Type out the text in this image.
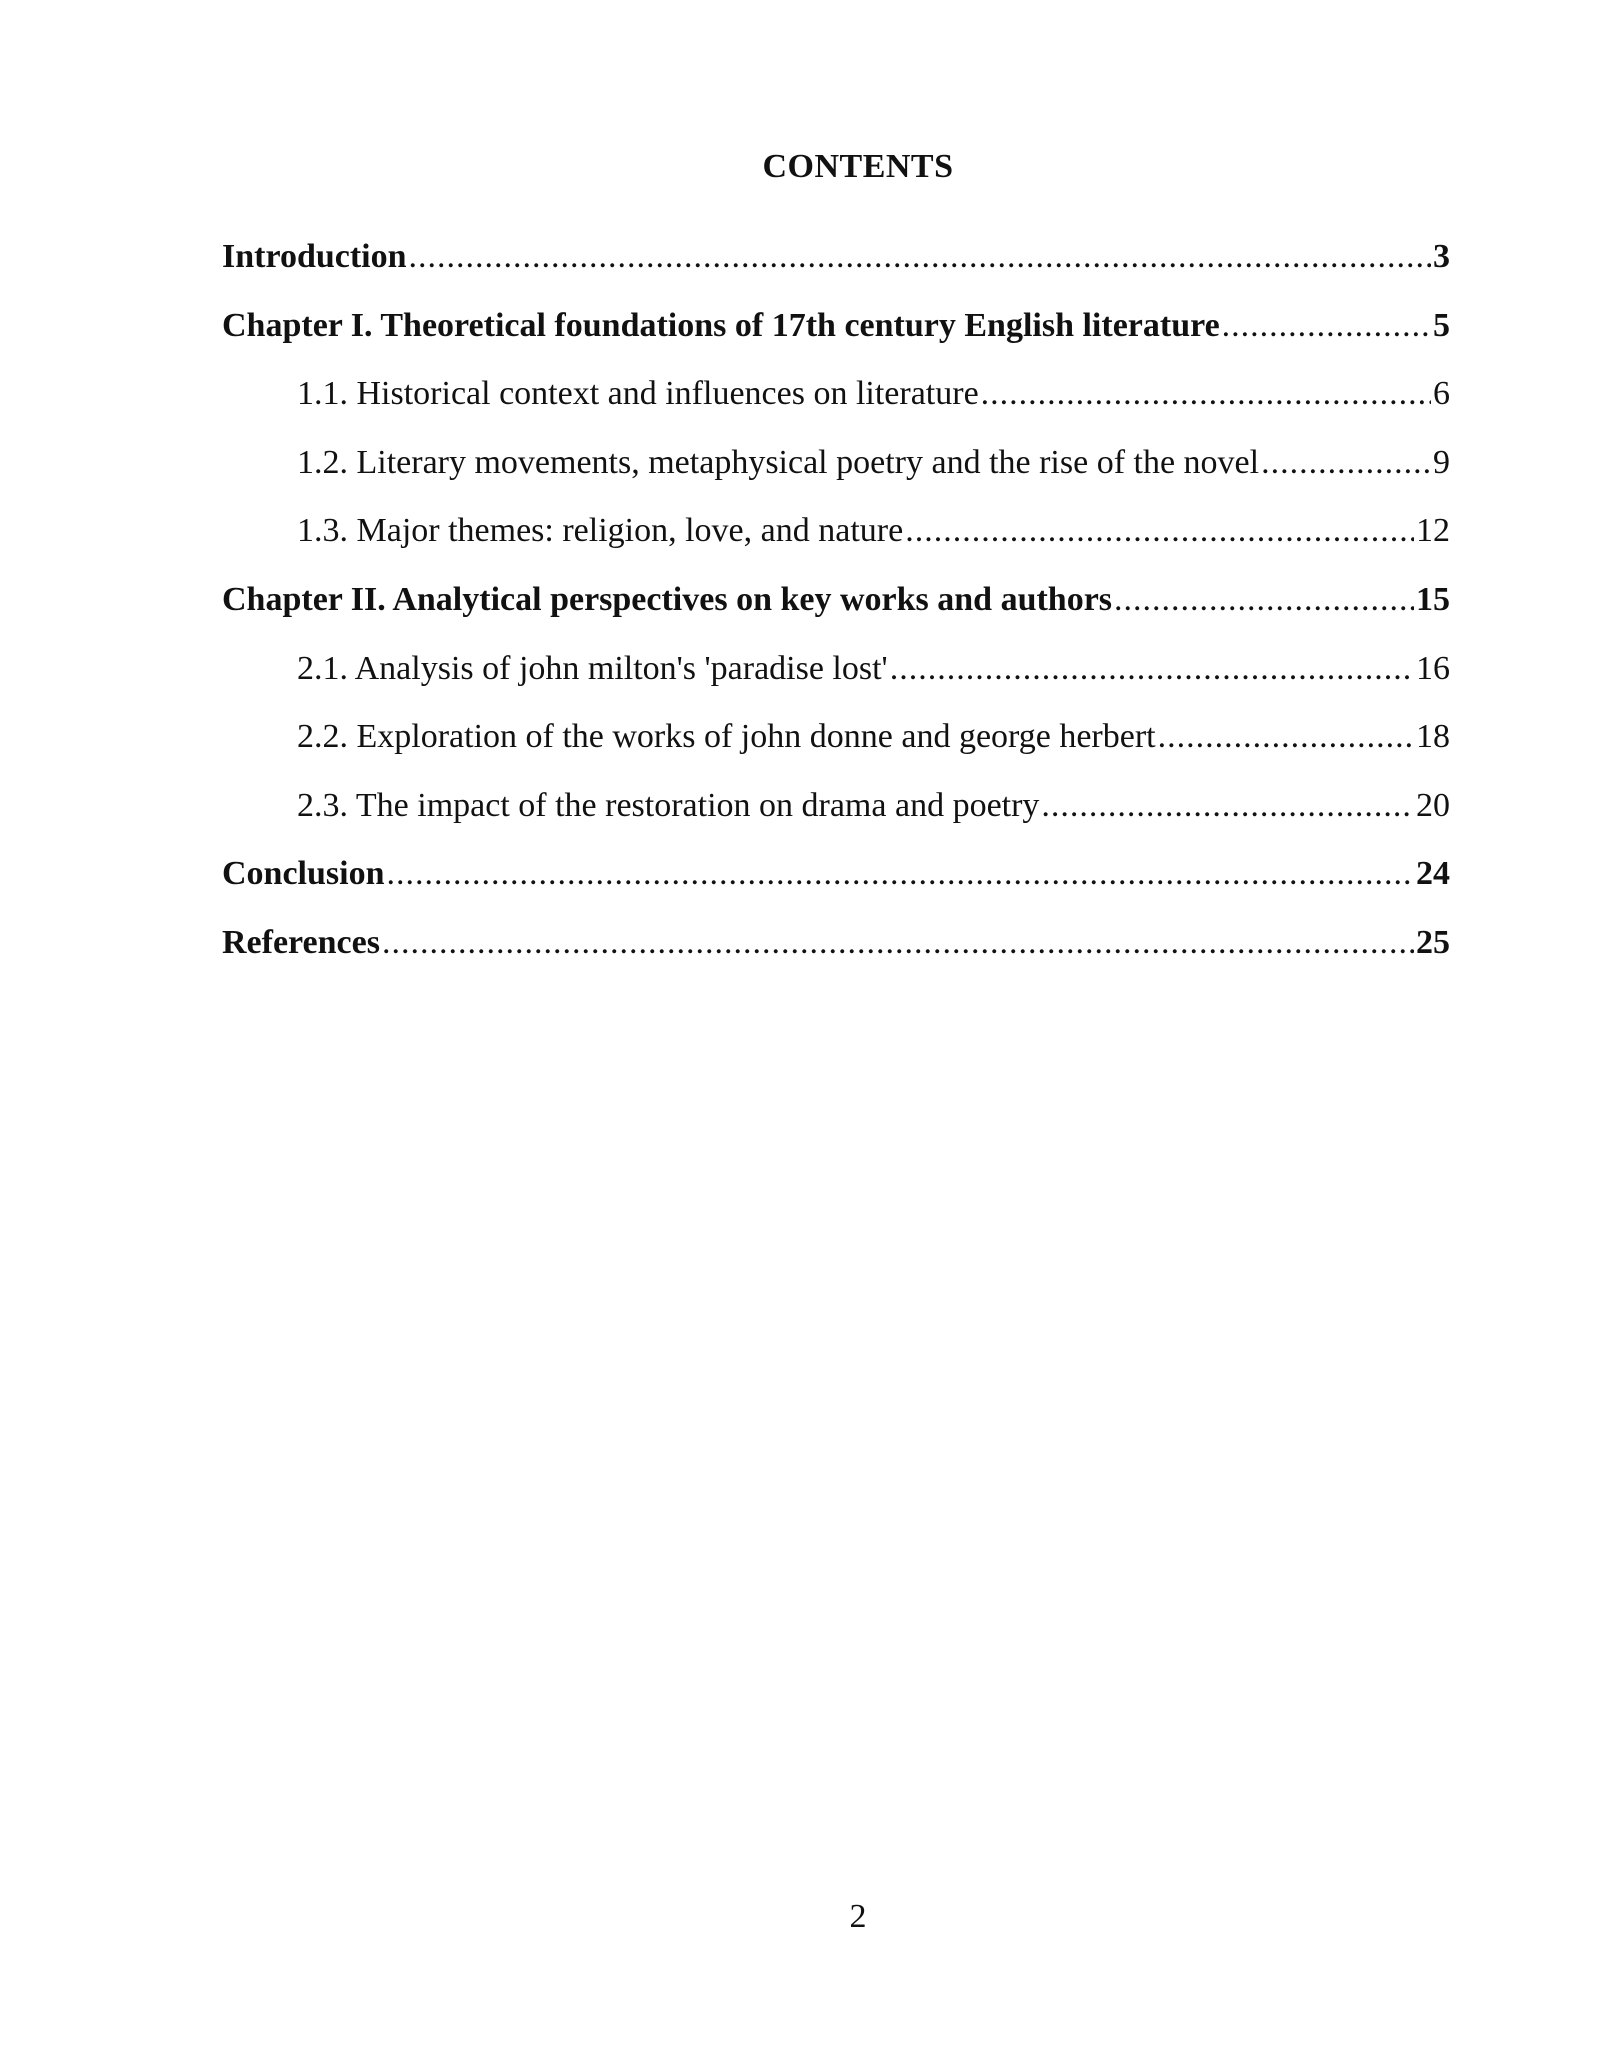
CONTENTS
Introduction .....	3
Chapter I. Theoretical foundations of 17th century English literature .....	5
1.1. Historical context and influences on literature .....	6
1.2. Literary movements, metaphysical poetry and the rise of the novel .....	9
1.3. Major themes: religion, love, and nature .....	12
Chapter II. Analytical perspectives on key works and authors .....	15
2.1. Analysis of john milton's 'paradise lost' .....	16
2.2. Exploration of the works of john donne and george herbert .....	18
2.3. The impact of the restoration on drama and poetry .....	20
Conclusion .....	24
References .....	25
2
